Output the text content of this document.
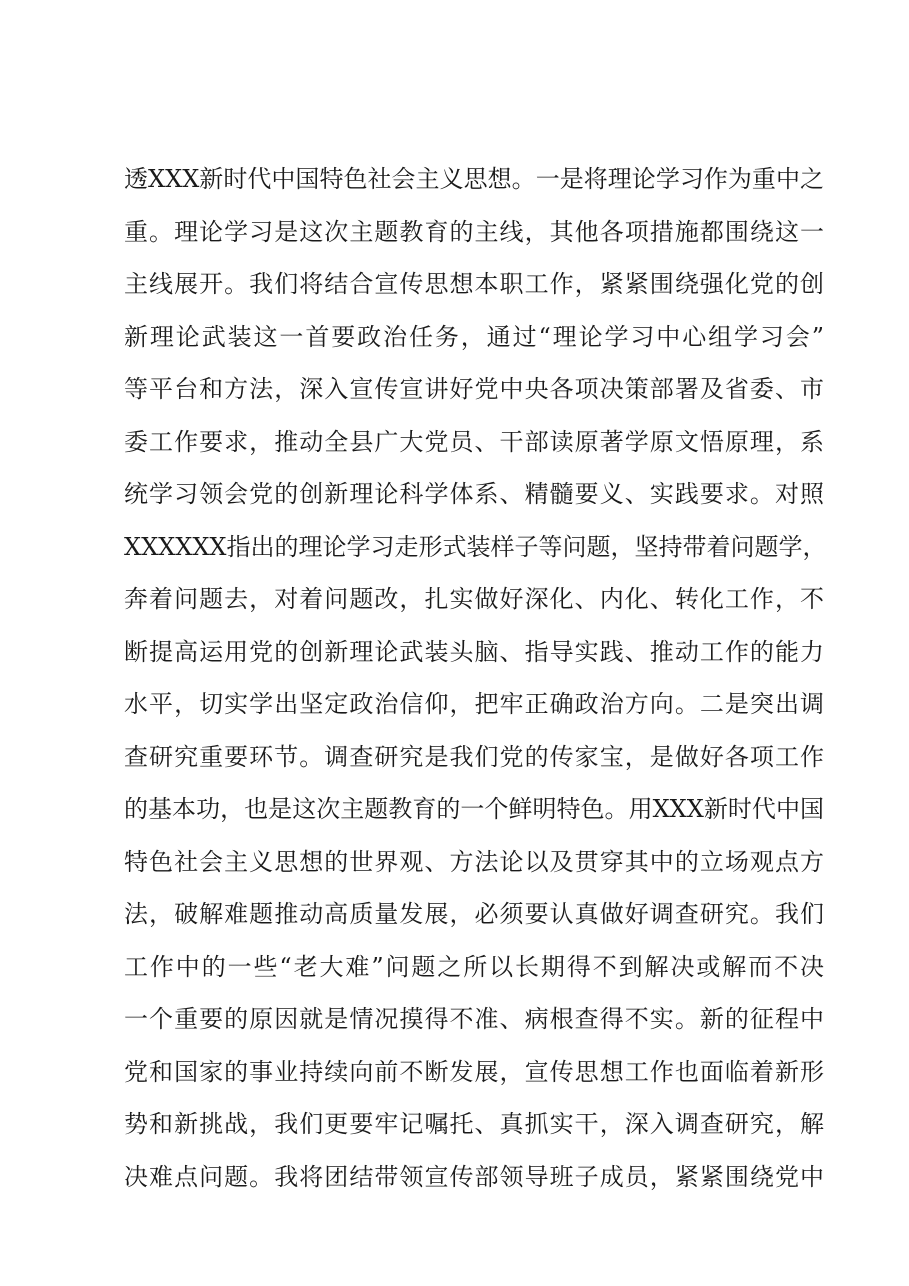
透XXX新时代中国特色社会主义思想。一是将理论学习作为重中之
重。理论学习是这次主题教育的主线，其他各项措施都围绕这一
主线展开。我们将结合宣传思想本职工作，紧紧围绕强化党的创
新理论武装这一首要政治任务，通过“理论学习中心组学习会”
等平台和方法，深入宣传宣讲好党中央各项决策部署及省委、市
委工作要求，推动全县广大党员、干部读原著学原文悟原理，系
统学习领会党的创新理论科学体系、精髓要义、实践要求。对照
XXXXXX指出的理论学习走形式装样子等问题，坚持带着问题学，
奔着问题去，对着问题改，扎实做好深化、内化、转化工作，不
断提高运用党的创新理论武装头脑、指导实践、推动工作的能力
水平，切实学出坚定政治信仰，把牢正确政治方向。二是突出调
查研究重要环节。调查研究是我们党的传家宝，是做好各项工作
的基本功，也是这次主题教育的一个鲜明特色。用XXX新时代中国
特色社会主义思想的世界观、方法论以及贯穿其中的立场观点方
法，破解难题推动高质量发展，必须要认真做好调查研究。我们
工作中的一些“老大难”问题之所以长期得不到解决或解而不决
一个重要的原因就是情况摸得不准、病根查得不实。新的征程中
党和国家的事业持续向前不断发展，宣传思想工作也面临着新形
势和新挑战，我们更要牢记嘱托、真抓实干，深入调查研究，解
决难点问题。我将团结带领宣传部领导班子成员，紧紧围绕党中
